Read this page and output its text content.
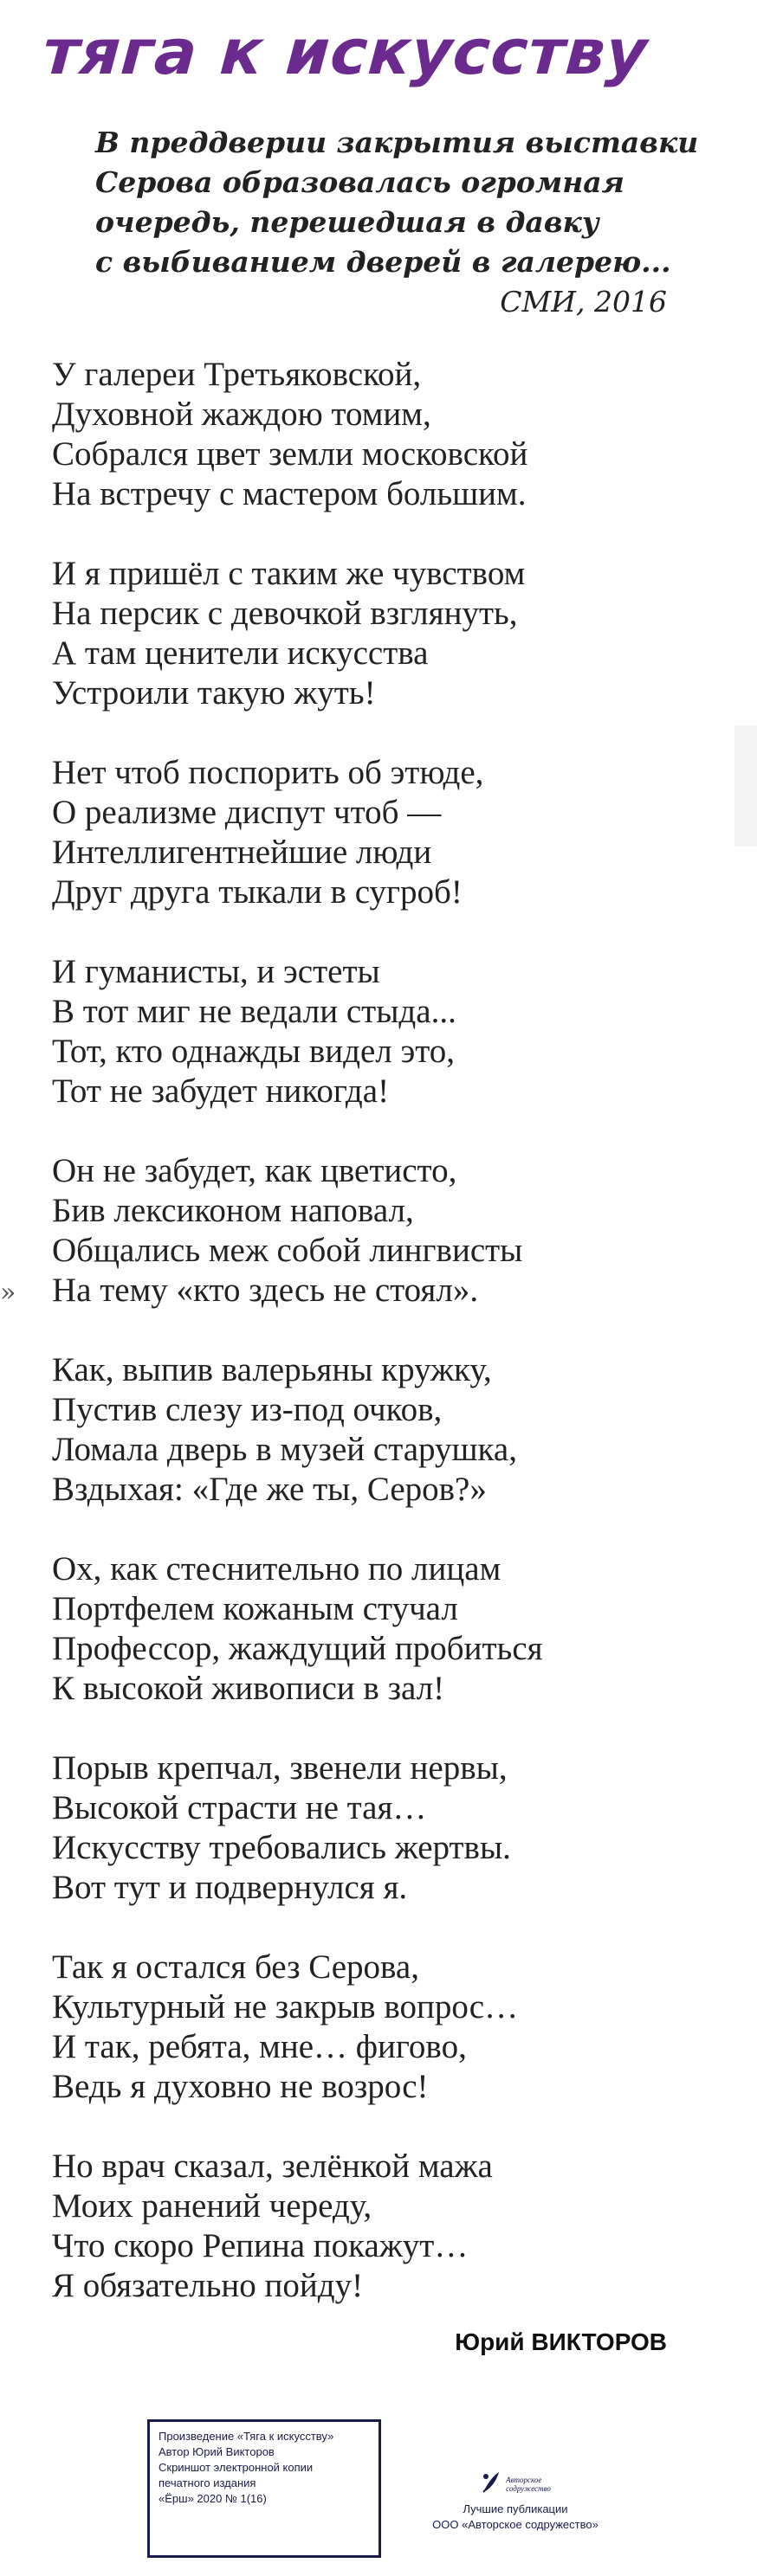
тяга к искусству
В преддверии закрытия выставки
Серова образовалась огромная
очередь, перешедшая в давку
с выбиванием дверей в галерею...
СМИ, 2016
У галереи Третьяковской,
Духовной жаждою томим,
Собрался цвет земли московской
На встречу с мастером большим.
И я пришёл с таким же чувством
На персик с девочкой взглянуть,
А там ценители искусства
Устроили такую жуть!
Нет чтоб поспорить об этюде,
О реализме диспут чтоб —
Интеллигентнейшие люди
Друг друга тыкали в сугроб!
И гуманисты, и эстеты
В тот миг не ведали стыда...
Тот, кто однажды видел это,
Тот не забудет никогда!
Он не забудет, как цветисто,
Бив лексиконом наповал,
Общались меж собой лингвисты
На тему «кто здесь не стоял».
Как, выпив валерьяны кружку,
Пустив слезу из-под очков,
Ломала дверь в музей старушка,
Вздыхая: «Где же ты, Серов?»
Ох, как стеснительно по лицам
Портфелем кожаным стучал
Профессор, жаждущий пробиться
К высокой живописи в зал!
Порыв крепчал, звенели нервы,
Высокой страсти не тая…
Искусству требовались жертвы.
Вот тут и подвернулся я.
Так я остался без Серова,
Культурный не закрыв вопрос…
И так, ребята, мне… фигово,
Ведь я духовно не возрос!
Но врач сказал, зелёнкой мажа
Моих ранений череду,
Что скоро Репина покажут…
Я обязательно пойду!
»
Юрий ВИКТОРОВ
Произведение «Тяга к искусству»
Автор Юрий Викторов
Скриншот электронной копии
печатного издания
«Ёрш» 2020 № 1(16)
Авторское
содружество
Лучшие публикации
ООО «Авторское содружество»
